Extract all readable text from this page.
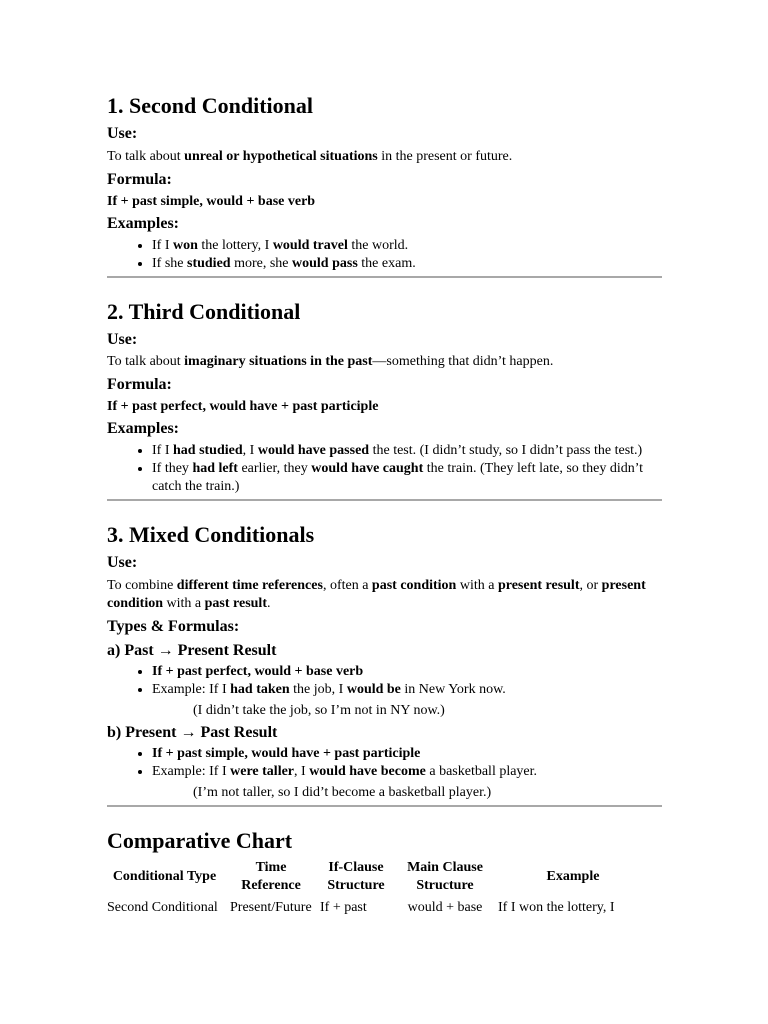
1. Second Conditional
Use:

To talk about unreal or hypothetical situations in the present or future.

Formula:

If + past simple, would + base verb

Examples:
• If I won the lottery, I would travel the world.
• If she studied more, she would pass the exam.
2. Third Conditional
Use:

To talk about imaginary situations in the past—something that didn’t happen.

Formula:

If + past perfect, would have + past participle

Examples:
• If I had studied, I would have passed the test. (I didn’t study, so I didn’t pass the test.)
• If they had left earlier, they would have caught the train. (They left late, so they didn’t catch the train.)
3. Mixed Conditionals
Use:

To combine different time references, often a past condition with a present result, or present condition with a past result.

Types & Formulas:
a) Past → Present Result
• If + past perfect, would + base verb
• Example: If I had taken the job, I would be in New York now.

(I didn’t take the job, so I’m not in NY now.)

b) Present → Past Result
• If + past simple, would have + past participle
• Example: If I were taller, I would have become a basketball player.

(I’m not taller, so I did’t become a basketball player.)

Comparative Chart
Conditional Type	Time Reference	If-Clause Structure	Main Clause Structure	Example
Second Conditional	Present/Future	If + past	would + base	If I won the lottery, I
